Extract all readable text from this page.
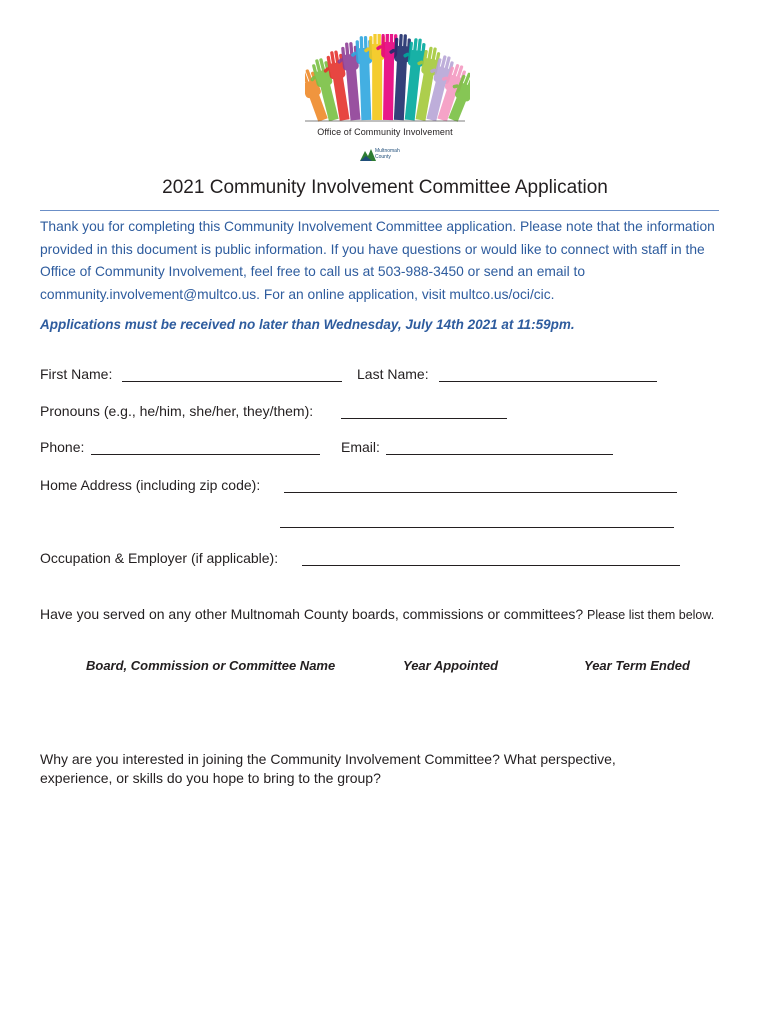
Office of Community Involvement
Multnomah
County
2021 Community Involvement Committee Application
Thank you for completing this Community Involvement Committee application. Please note that the information provided in this document is public information. If you have questions or would like to connect with staff in the Office of Community Involvement, feel free to call us at 503-988-3450 or send an email to community.involvement@multco.us. For an online application, visit multco.us/oci/cic.
Applications must be received no later than Wednesday, July 14th 2021 at 11:59pm.
First Name:	Last Name:
Pronouns (e.g., he/him, she/her, they/them):
Phone:	Email:
Home Address (including zip code):
Occupation & Employer (if applicable):
Have you served on any other Multnomah County boards, commissions or committees? Please list them below.
Board, Commission or Committee Name	Year Appointed	Year Term Ended
Why are you interested in joining the Community Involvement Committee? What perspective, experience, or skills do you hope to bring to the group?
